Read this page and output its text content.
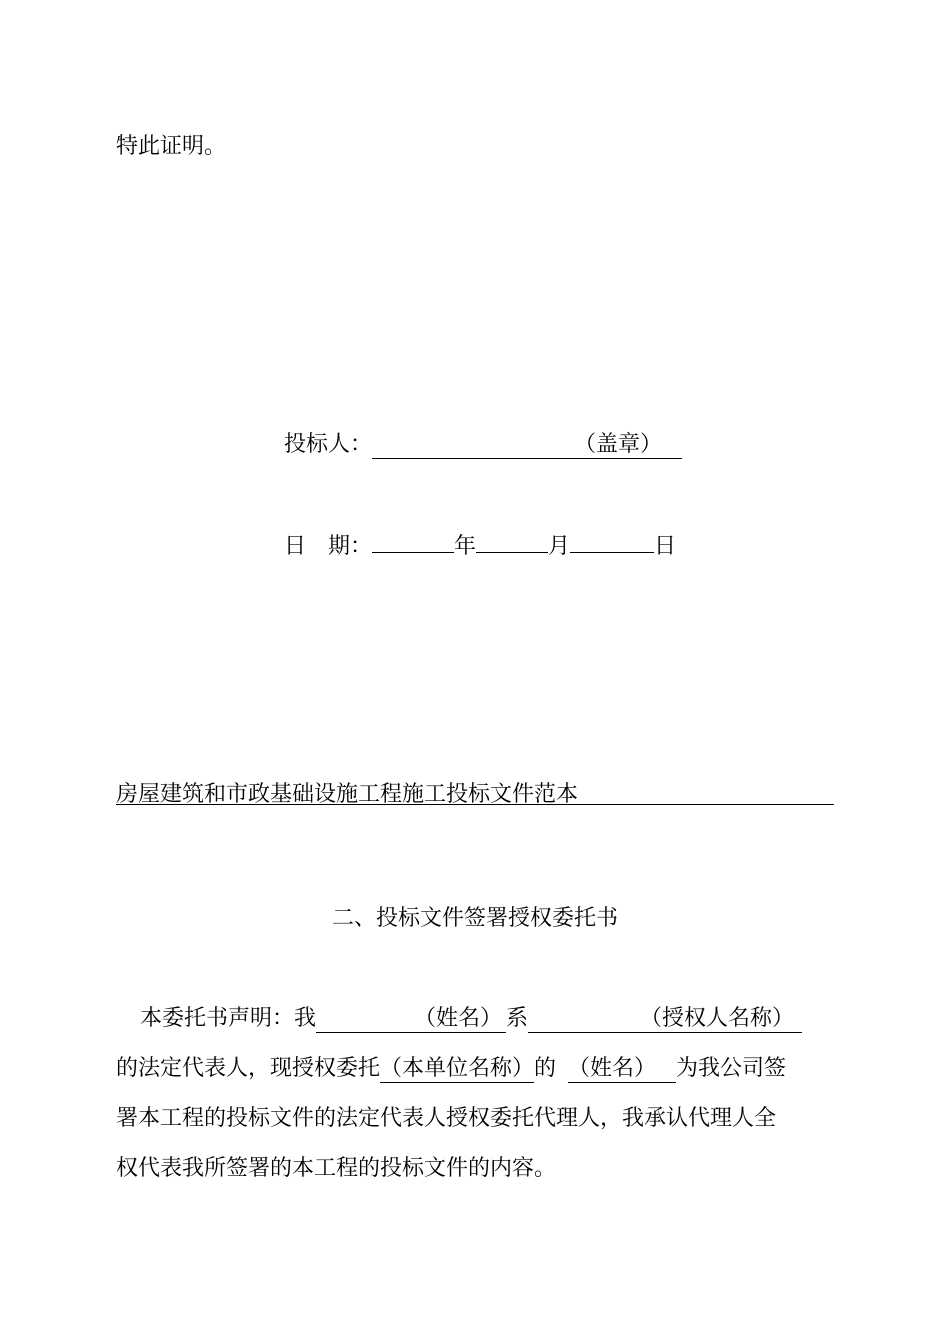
特此证明。
投标人：	（盖章）
日　期：	年	月	日
房屋建筑和市政基础设施工程施工投标文件范本
二、投标文件签署授权委托书
本委托书声明：我	（姓名） 系	（授权人名称）
的法定代表人，现授权委托（本单位名称）的 （姓名） 为我公司签
署本工程的投标文件的法定代表人授权委托代理人，我承认代理人全
权代表我所签署的本工程的投标文件的内容。
